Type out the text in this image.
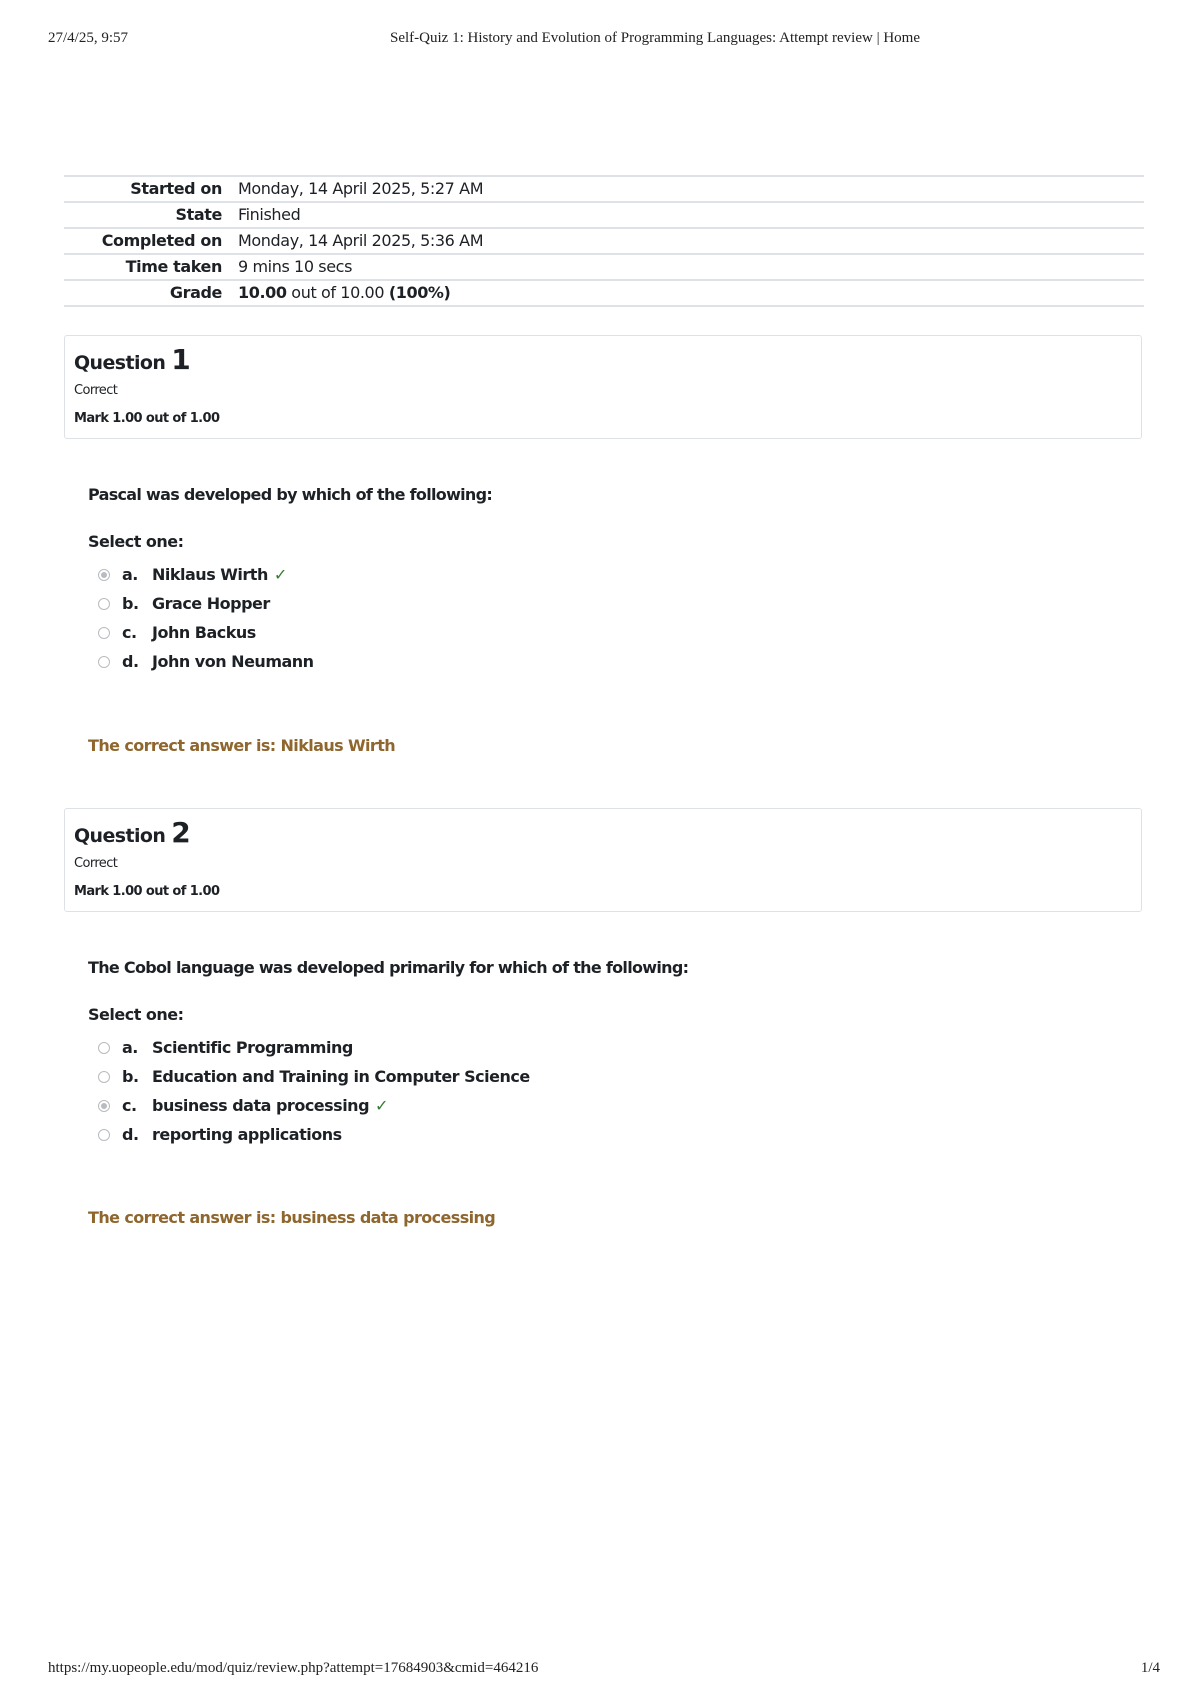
27/4/25, 9:57	Self-Quiz 1: History and Evolution of Programming Languages: Attempt review | Home
Started on	Monday, 14 April 2025, 5:27 AM
State	Finished
Completed on	Monday, 14 April 2025, 5:36 AM
Time taken	9 mins 10 secs
Grade	10.00 out of 10.00 (100%)
Question 1
Correct
Mark 1.00 out of 1.00
Pascal was developed by which of the following:
Select one:
a. Niklaus Wirth ✓
b. Grace Hopper
c. John Backus
d. John von Neumann
The correct answer is: Niklaus Wirth
Question 2
Correct
Mark 1.00 out of 1.00
The Cobol language was developed primarily for which of the following:
Select one:
a. Scientific Programming
b. Education and Training in Computer Science
c. business data processing ✓
d. reporting applications
The correct answer is: business data processing
https://my.uopeople.edu/mod/quiz/review.php?attempt=17684903&cmid=464216	1/4
